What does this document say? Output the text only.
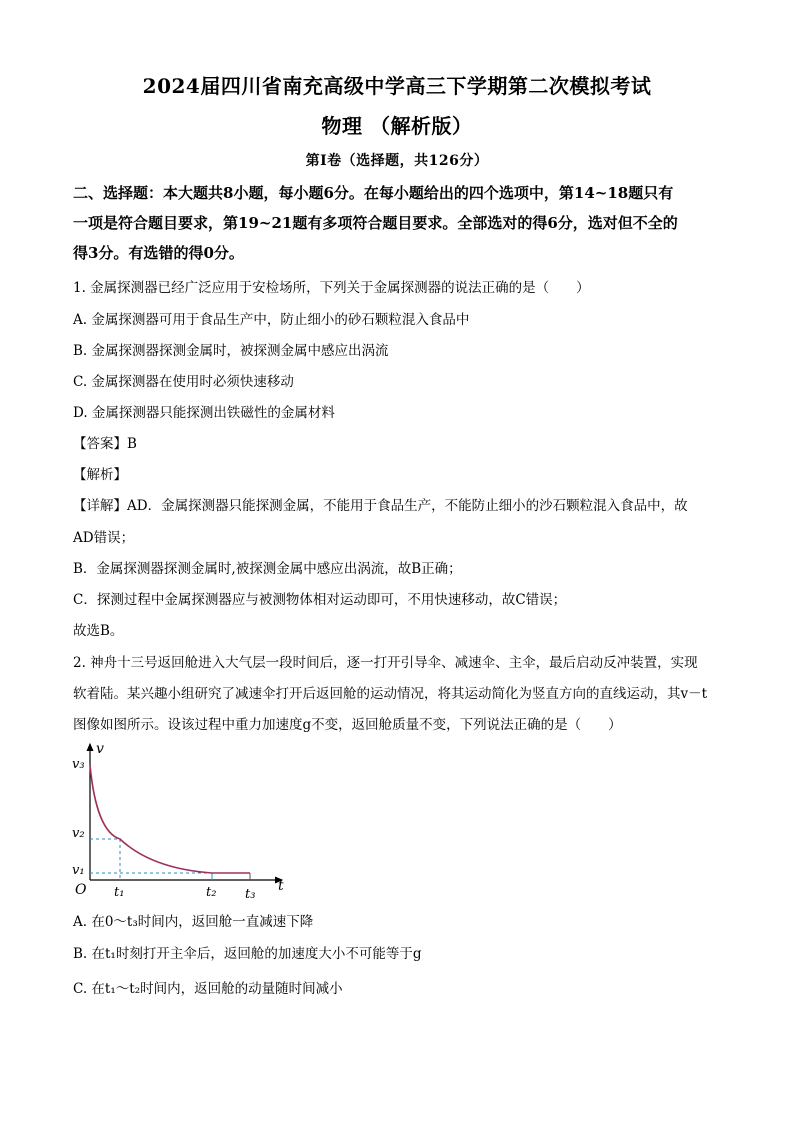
2024届四川省南充高级中学高三下学期第二次模拟考试
物理 （解析版）
第Ⅰ卷（选择题，共126分）
二、选择题：本大题共8小题，每小题6分。在每小题给出的四个选项中，第14~18题只有
一项是符合题目要求，第19~21题有多项符合题目要求。全部选对的得6分，选对但不全的
得3分。有选错的得0分。
1. 金属探测器已经广泛应用于安检场所，下列关于金属探测器的说法正确的是（　　）
A. 金属探测器可用于食品生产中，防止细小的砂石颗粒混入食品中
B. 金属探测器探测金属时，被探测金属中感应出涡流
C. 金属探测器在使用时必须快速移动
D. 金属探测器只能探测出铁磁性的金属材料
【答案】B
【解析】
【详解】AD．金属探测器只能探测金属，不能用于食品生产，不能防止细小的沙石颗粒混入食品中，故
AD错误；
B．金属探测器探测金属时,被探测金属中感应出涡流，故B正确；
C．探测过程中金属探测器应与被测物体相对运动即可，不用快速移动，故C错误；
故选B。
2. 神舟十三号返回舱进入大气层一段时间后，逐一打开引导伞、减速伞、主伞，最后启动反冲装置，实现
软着陆。某兴趣小组研究了减速伞打开后返回舱的运动情况，将其运动简化为竖直方向的直线运动，其v－t
图像如图所示。设该过程中重力加速度g不变，返回舱质量不变，下列说法正确的是（　　）
v
t
O
v₃
v₂
v₁
t₁	t₂ t₃
A. 在0～t₃时间内，返回舱一直减速下降
B. 在t₁时刻打开主伞后，返回舱的加速度大小不可能等于g
C. 在t₁～t₂时间内，返回舱的动量随时间减小
